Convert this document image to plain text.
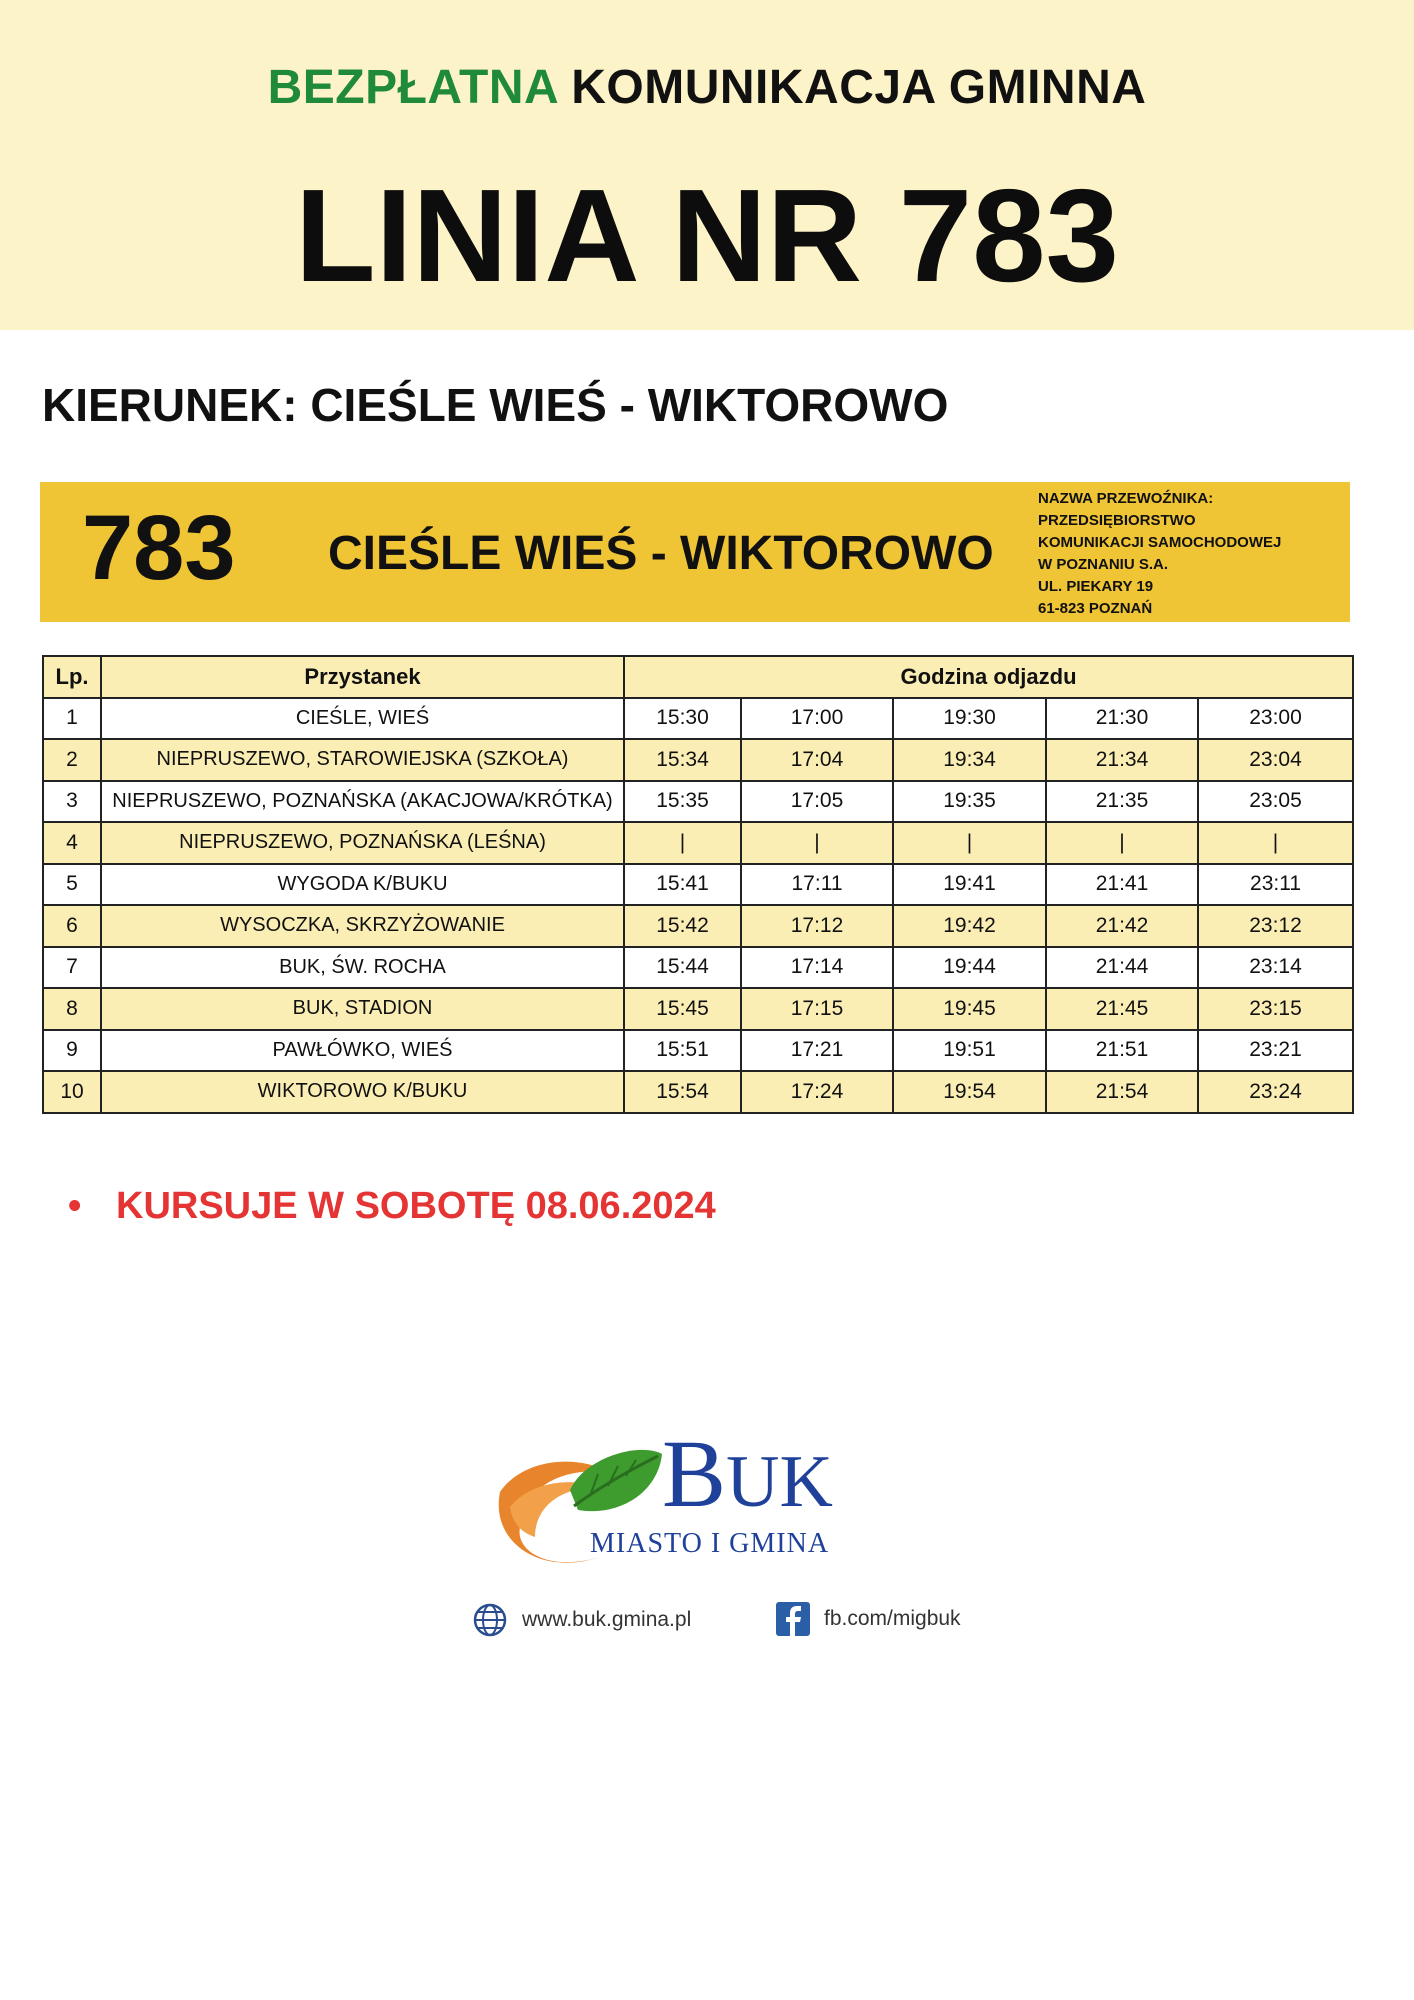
BEZPŁATNA KOMUNIKACJA GMINNA
LINIA NR 783
KIERUNEK: CIEŚLE WIEŚ - WIKTOROWO
783 CIEŚLE WIEŚ - WIKTOROWO
NAZWA PRZEWOŹNIKA:
PRZEDSIĘBIORSTWO
KOMUNIKACJI SAMOCHODOWEJ
W POZNANIU S.A.
UL. PIEKARY 19
61-823 POZNAŃ
Lp.	Przystanek	Godzina odjazdu				
1	CIEŚLE, WIEŚ	15:30	17:00	19:30	21:30	23:00
2	NIEPRUSZEWO, STAROWIEJSKA (SZKOŁA)	15:34	17:04	19:34	21:34	23:04
3	NIEPRUSZEWO, POZNAŃSKA (AKACJOWA/KRÓTKA)	15:35	17:05	19:35	21:35	23:05
4	NIEPRUSZEWO, POZNAŃSKA (LEŚNA)	|	|	|	|	|
5	WYGODA K/BUKU	15:41	17:11	19:41	21:41	23:11
6	WYSOCZKA, SKRZYŻOWANIE	15:42	17:12	19:42	21:42	23:12
7	BUK, ŚW. ROCHA	15:44	17:14	19:44	21:44	23:14
8	BUK, STADION	15:45	17:15	19:45	21:45	23:15
9	PAWŁÓWKO, WIEŚ	15:51	17:21	19:51	21:51	23:21
10	WIKTOROWO K/BUKU	15:54	17:24	19:54	21:54	23:24
• KURSUJE W SOBOTĘ 08.06.2024
BUK
MIASTO I GMINA
www.buk.gmina.pl	fb.com/migbuk
